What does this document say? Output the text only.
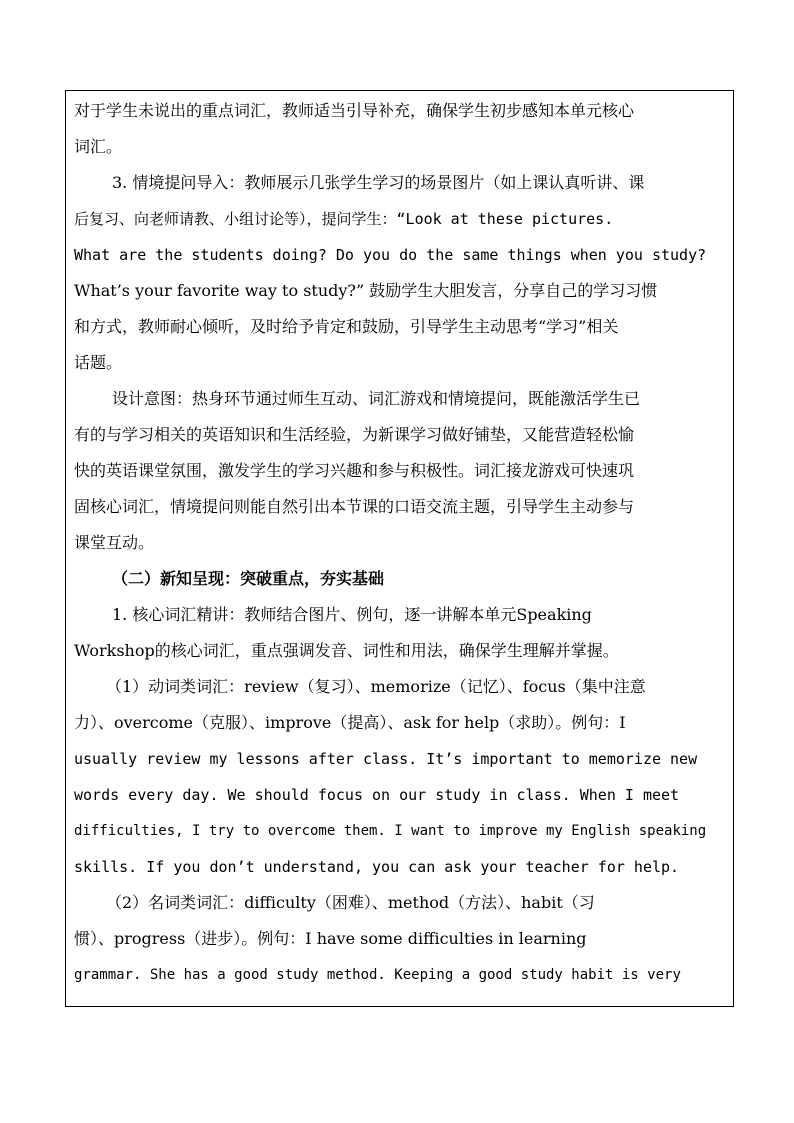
对于学生未说出的重点词汇，教师适当引导补充，确保学生初步感知本单元核心
词汇。
3. 情境提问导入：教师展示几张学生学习的场景图片（如上课认真听讲、课
后复习、向老师请教、小组讨论等），提问学生：“Look at these pictures.
What are the students doing? Do you do the same things when you study?
What’s your favorite way to study?” 鼓励学生大胆发言，分享自己的学习习惯
和方式，教师耐心倾听，及时给予肯定和鼓励，引导学生主动思考“学习”相关
话题。
设计意图：热身环节通过师生互动、词汇游戏和情境提问，既能激活学生已
有的与学习相关的英语知识和生活经验，为新课学习做好铺垫，又能营造轻松愉
快的英语课堂氛围，激发学生的学习兴趣和参与积极性。词汇接龙游戏可快速巩
固核心词汇，情境提问则能自然引出本节课的口语交流主题，引导学生主动参与
课堂互动。
（二）新知呈现：突破重点，夯实基础
1. 核心词汇精讲：教师结合图片、例句，逐一讲解本单元Speaking
Workshop的核心词汇，重点强调发音、词性和用法，确保学生理解并掌握。
（1）动词类词汇：review（复习）、memorize（记忆）、focus（集中注意
力）、overcome（克服）、improve（提高）、ask for help（求助）。例句：I
usually review my lessons after class. It’s important to memorize new
words every day. We should focus on our study in class. When I meet
difficulties, I try to overcome them. I want to improve my English speaking
skills. If you don’t understand, you can ask your teacher for help.
（2）名词类词汇：difficulty（困难）、method（方法）、habit（习
惯）、progress（进步）。例句：I have some difficulties in learning
grammar. She has a good study method. Keeping a good study habit is very
